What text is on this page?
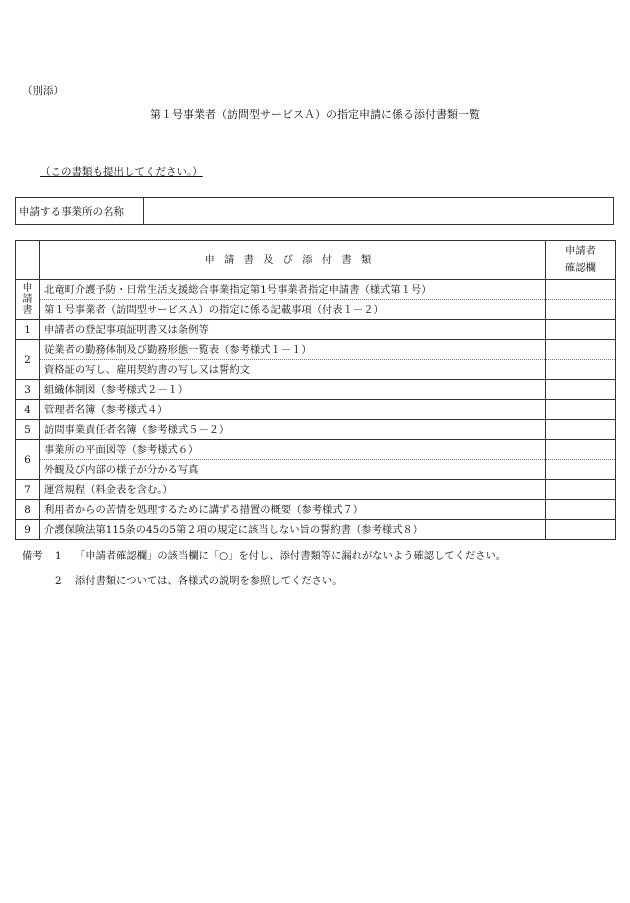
（別添）
第１号事業者（訪問型サービスＡ）の指定申請に係る添付書類一覧
（この書類も提出してください。）
申請する事業所の名称
	申請書及び添付書類	申請者
確認欄

申
請
書	北竜町介護予防・日常生活支援総合事業指定第1号事業者指定申請書（様式第１号）	
	第１号事業者（訪問型サービスＡ）の指定に係る記載事項（付表１－２）	
1	申請者の登記事項証明書又は条例等	
2	従業者の勤務体制及び勤務形態一覧表（参考様式１－１）	
	資格証の写し、雇用契約書の写し又は誓約文	
3	組織体制図（参考様式２－１）	
4	管理者名簿（参考様式４）	
5	訪問事業責任者名簿（参考様式５－２）	
6	事業所の平面図等（参考様式６）	
	外観及び内部の様子が分かる写真	
7	運営規程（料金表を含む。）	
8	利用者からの苦情を処理するために講ずる措置の概要（参考様式７）	
9	介護保険法第115条の45の5第２項の規定に該当しない旨の誓約書（参考様式８）	
備考 1 「申請者確認欄」の該当欄に「○」を付し、添付書類等に漏れがないよう確認してください。
2 添付書類については、各様式の説明を参照してください。
